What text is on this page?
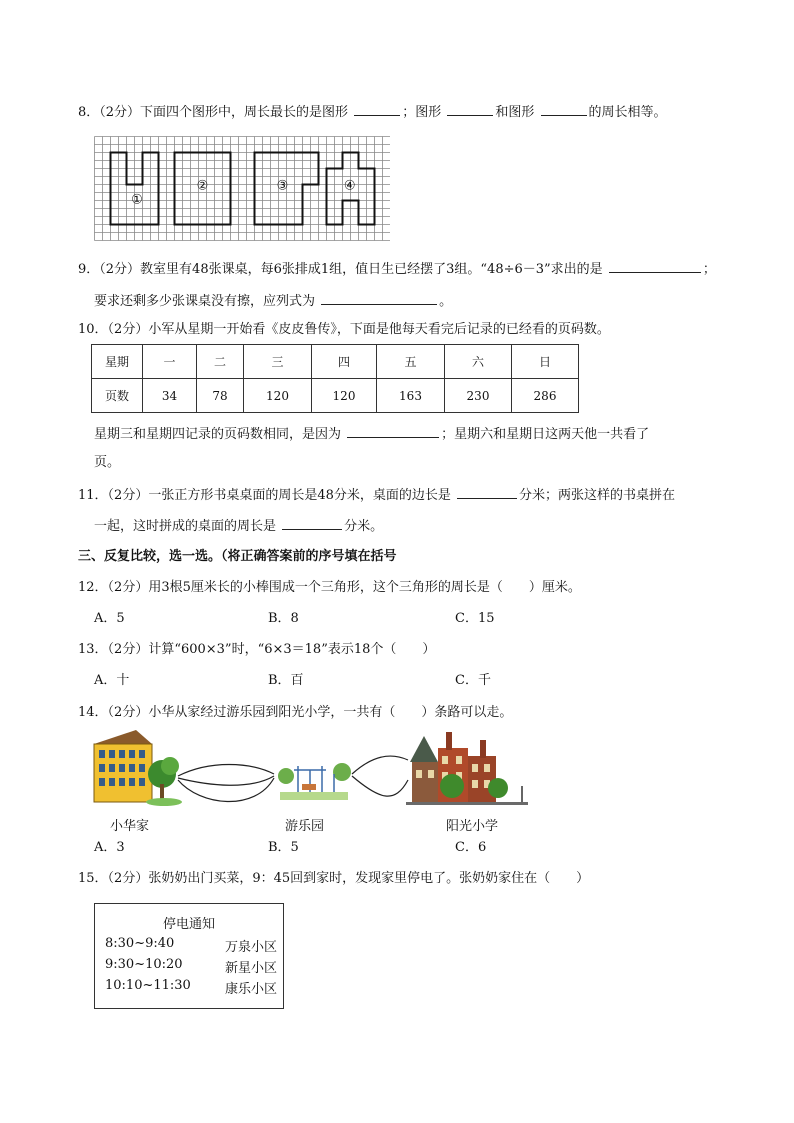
8．（2分）下面四个图形中，周长最长的是图形	；图形	和图形	的周长相等。
①
②	③	④
9．（2分）教室里有48张课桌，每6张排成1组，值日生已经摆了3组。“48÷6－3”求出的是	；
要求还剩多少张课桌没有擦，应列式为	。
10．（2分）小军从星期一开始看《皮皮鲁传》，下面是他每天看完后记录的已经看的页码数。
星期	一	二	三	四	五	六	日
页数	34	78	120	120	163	230	286
星期三和星期四记录的页码数相同，是因为	；星期六和星期日这两天他一共看了
页。
11．（2分）一张正方形书桌桌面的周长是48分米，桌面的边长是	分米；两张这样的书桌拼在
一起，这时拼成的桌面的周长是	分米。
三、反复比较，选一选。（将正确答案前的序号填在括号
12．（2分）用3根5厘米长的小棒围成一个三角形，这个三角形的周长是（　　）厘米。
A．5	B．8	C．15
13．（2分）计算“600×3”时，“6×3＝18”表示18个（　　）
A．十	B．百	C．千
14．（2分）小华从家经过游乐园到阳光小学，一共有（　　）条路可以走。
小华家	游乐园	阳光小学
A．3	B．5	C．6
15．（2分）张奶奶出门买菜，9：45回到家时，发现家里停电了。张奶奶家住在（　　）
停电通知
8:30~9:40	万泉小区
9:30~10:20	新星小区
10:10~11:30	康乐小区
